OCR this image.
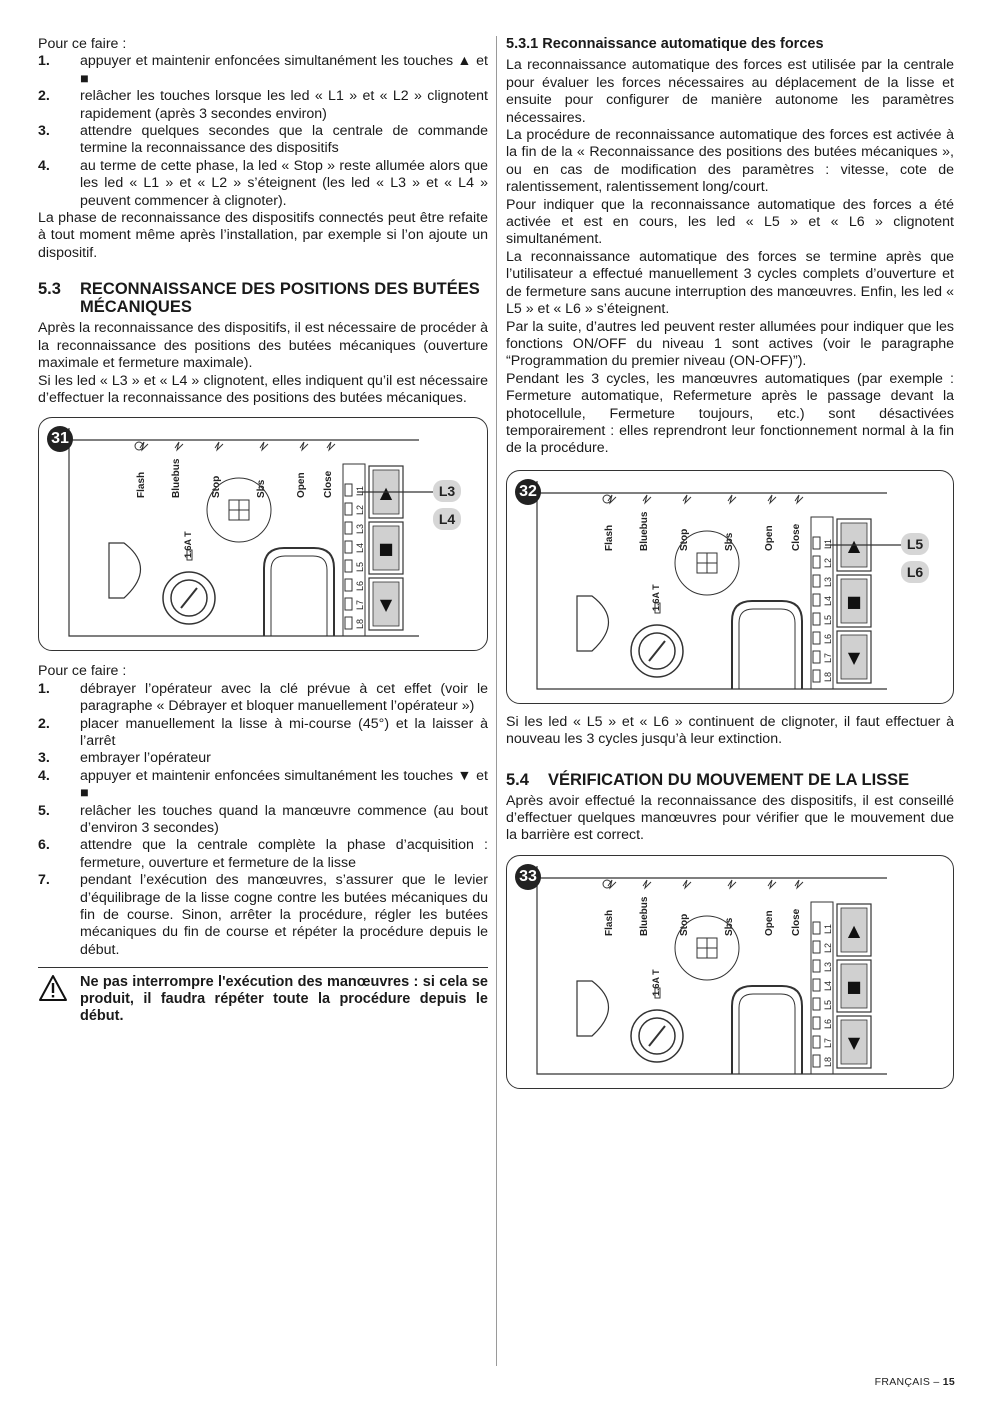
Pour ce faire :

1.	appuyer et maintenir enfoncées simultanément les touches ▲ et ■
2.	relâcher les touches lorsque les led « L1 » et « L2 » clignotent rapidement (après 3 secondes environ)
3.	attendre quelques secondes que la centrale de commande termine la reconnaissance des dispositifs
4.	au terme de cette phase, la led « Stop » reste allumée alors que les led « L1 » et « L2 » s’éteignent (les led « L3 » et « L4 » peuvent commencer à clignoter).

La phase de reconnaissance des dispositifs connectés peut être refaite à tout moment même après l’installation, par exemple si l’on ajoute un dispositif.

5.3	RECONNAISSANCE DES POSITIONS DES BUTÉES MÉCANIQUES

Après la reconnaissance des dispositifs, il est nécessaire de procéder à la reconnaissance des positions des butées mécaniques (ouverture maximale et fermeture maximale).

Si les led « L3 » et « L4 » clignotent, elles indiquent qu’il est nécessaire d’effectuer la reconnaissance des positions des butées mécaniques.

Flash Bluebus	Stop	Sbs	Open Close
1.6A T
L1
L2
L3
L4
L5
L6
L7
L8
▲
■
▼
L3
L4
31

Pour ce faire :

1.	débrayer l’opérateur avec la clé prévue à cet effet (voir le paragraphe « Débrayer et bloquer manuellement l’opérateur »)
2.	placer manuellement la lisse à mi-course (45°) et la laisser à l’arrêt
3.	embrayer l’opérateur
4.	appuyer et maintenir enfoncées simultanément les touches ▼ et ■
5.	relâcher les touches quand la manœuvre commence (au bout d’environ 3 secondes)
6.	attendre que la centrale complète la phase d’acquisition : fermeture, ouverture et fermeture de la lisse
7.	pendant l’exécution des manœuvres, s’assurer que le levier d’équilibrage de la lisse cogne contre les butées mécaniques du fin de course. Sinon, arrêter la procédure, régler les butées mécaniques du fin de course et répéter la procédure depuis le début.
Ne pas interrompre l'exécution des manœuvres : si cela se produit, il faudra répéter toute la procédure depuis le début.
5.3.1 Reconnaissance automatique des forces

La reconnaissance automatique des forces est utilisée par la centrale pour évaluer les forces nécessaires au déplacement de la lisse et ensuite pour configurer de manière autonome les paramètres nécessaires.

La procédure de reconnaissance automatique des forces est activée à la fin de la « Reconnaissance des positions des butées mécaniques », ou en cas de modification des paramètres : vitesse, cote de ralentissement, ralentissement long/court.

Pour indiquer que la reconnaissance automatique des forces a été activée et est en cours, les led « L5 » et « L6 » clignotent simultanément.

La reconnaissance automatique des forces se termine après que l’utilisateur a effectué manuellement 3 cycles complets d’ouverture et de fermeture sans aucune interruption des manœuvres. Enfin, les led « L5 » et « L6 » s’éteignent.

Par la suite, d’autres led peuvent rester allumées pour indiquer que les fonctions ON/OFF du niveau 1 sont actives (voir le paragraphe “Programmation du premier niveau (ON-OFF)”).

Pendant les 3 cycles, les manœuvres automatiques (par exemple : Fermeture automatique, Refermeture après le passage devant la photocellule, Fermeture toujours, etc.) sont désactivées temporairement : elles reprendront leur fonctionnement normal à la fin de la procédure.

Flash Bluebus	Stop	Sbs	Open Close
1.6A T
L1
L2
L3
L4
L5
L6
L7
L8
▲
■
▼
L5
L6
32

Si les led « L5 » et « L6 » continuent de clignoter, il faut effectuer à nouveau les 3 cycles jusqu’à leur extinction.

5.4	VÉRIFICATION DU MOUVEMENT DE LA LISSE

Après avoir effectué la reconnaissance des dispositifs, il est conseillé d’effectuer quelques manœuvres pour vérifier que le mouvement due la barrière est correct.

Flash Bluebus	Stop	Sbs	Open Close
1.6A T
L1
L2
L3
L4
L5
L6
L7
L8
▲
■
▼
33
FRANÇAIS – 15
